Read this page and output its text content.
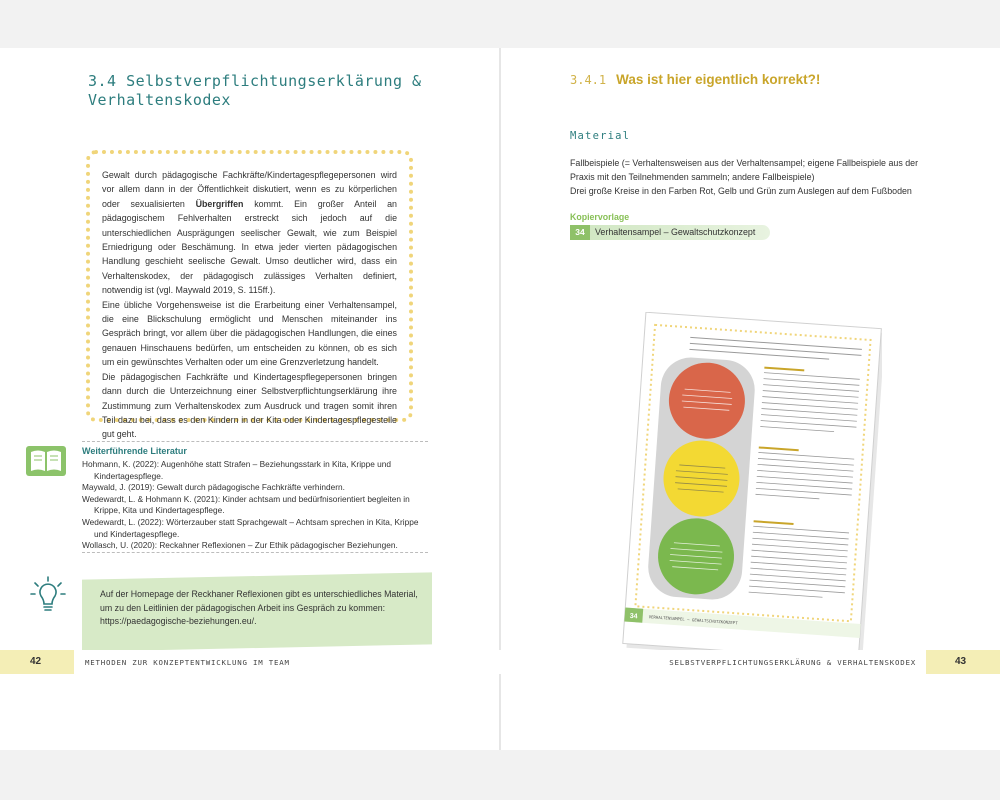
3.4 Selbstverpflichtungserklärung & Verhaltenskodex

Gewalt durch pädagogische Fachkräfte/Kindertagespflegepersonen wird vor allem dann in der Öffentlichkeit diskutiert, wenn es zu körperlichen oder sexualisierten Übergriffen kommt. Ein großer Anteil an pädagogischem Fehlverhalten erstreckt sich jedoch auf die unterschiedlichen Ausprägungen seelischer Gewalt, wie zum Beispiel Erniedrigung oder Beschämung. In etwa jeder vierten pädagogischen Handlung geschieht seelische Gewalt. Umso deutlicher wird, dass ein Verhaltenskodex, der pädagogisch zulässiges Verhalten definiert, notwendig ist (vgl. Maywald 2019, S. 115ff.).

Eine übliche Vorgehensweise ist die Erarbeitung einer Verhaltensampel, die eine Blickschulung ermöglicht und Menschen miteinander ins Gespräch bringt, vor allem über die pädagogischen Handlungen, die eines genauen Hinschauens bedürfen, um entscheiden zu können, ob es sich um ein gewünschtes Verhalten oder um eine Grenzverletzung handelt.

Die pädagogischen Fachkräfte und Kindertagespflegepersonen bringen dann durch die Unterzeichnung einer Selbstverpflichtungserklärung ihre Zustimmung zum Verhaltenskodex zum Ausdruck und tragen somit ihren Teil dazu bei, dass es den Kindern in der Kita oder Kindertagespflegestelle gut geht.

Weiterführende Literatur
Hohmann, K. (2022): Augenhöhe statt Strafen – Beziehungsstark in Kita, Krippe und Kindertagespflege.
Maywald, J. (2019): Gewalt durch pädagogische Fachkräfte verhindern.
Wedewardt, L. & Hohmann K. (2021): Kinder achtsam und bedürfnisorientiert begleiten in Krippe, Kita und Kindertagespflege.
Wedewardt, L. (2022): Wörterzauber statt Sprachgewalt – Achtsam sprechen in Kita, Krippe und Kindertagespflege.
Wollasch, U. (2020): Reckahner Reflexionen – Zur Ethik pädagogischer Beziehungen.
Auf der Homepage der Reckhaner Reflexionen gibt es unterschiedliches Material, um zu den Leitlinien der pädagogischen Arbeit ins Gespräch zu kommen: https://paedagogische-beziehungen.eu/.
42	METHODEN ZUR KONZEPTENTWICKLUNG IM TEAM
3.4.1 Was ist hier eigentlich korrekt?!
Material
Fallbeispiele (= Verhaltensweisen aus der Verhaltensampel; eigene Fallbeispiele aus der Praxis mit den Teilnehmenden sammeln; andere Fallbeispiele)
Drei große Kreise in den Farben Rot, Gelb und Grün zum Auslegen auf dem Fußboden
Kopiervorlage
34	Verhaltensampel – Gewaltschutzkonzept
34	VERHALTENSAMPEL – GEWALTSCHUTZKONZEPT
43
SELBSTVERPFLICHTUNGSERKLÄRUNG & VERHALTENSKODEX
